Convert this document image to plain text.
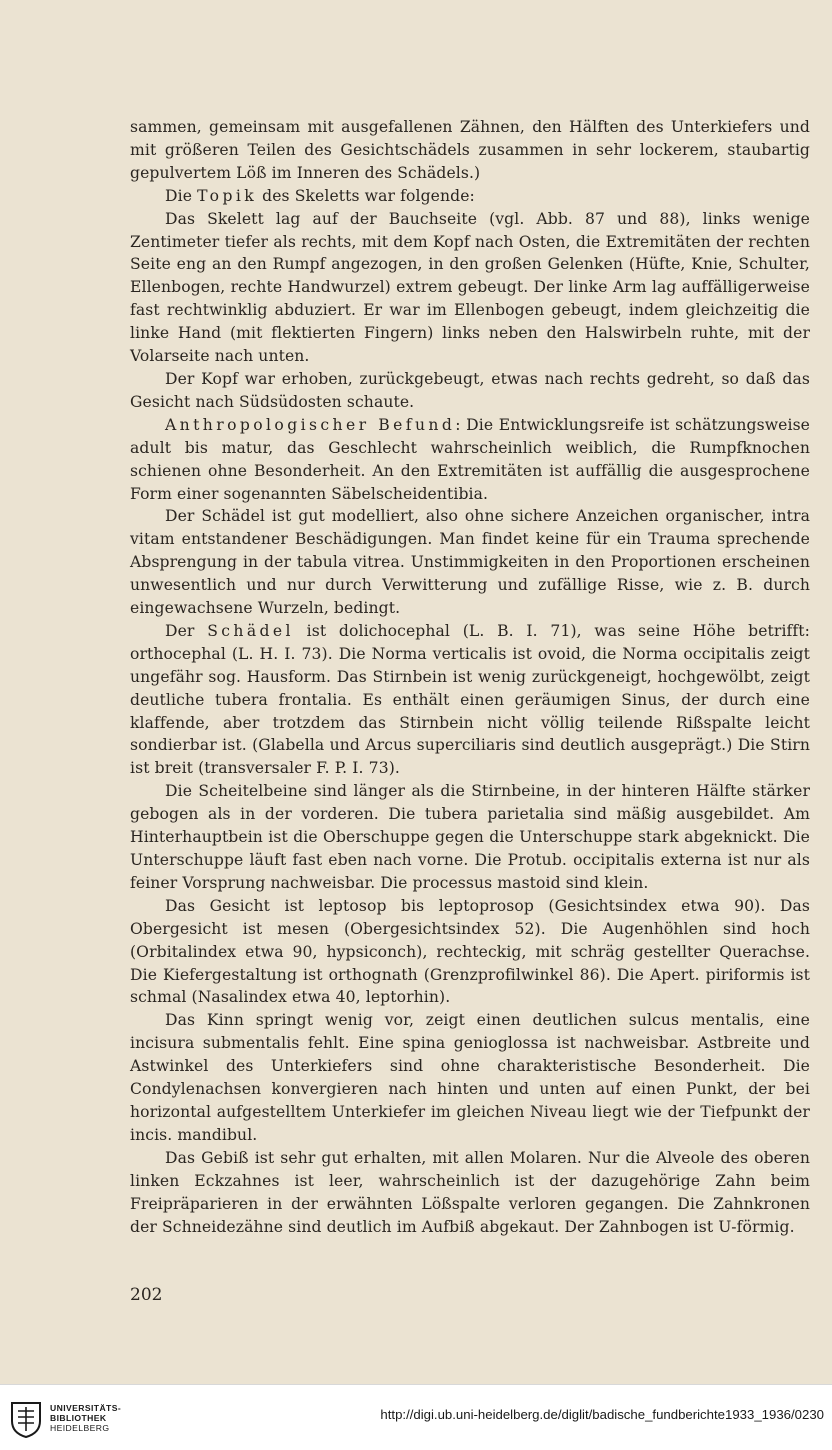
sammen, gemeinsam mit ausgefallenen Zähnen, den Hälften des Unterkiefers und mit größeren Teilen des Gesichtschädels zusammen in sehr lockerem, staubartig gepulvertem Löß im Inneren des Schädels.)

Die Topik des Skeletts war folgende:

Das Skelett lag auf der Bauchseite (vgl. Abb. 87 und 88), links wenige Zentimeter tiefer als rechts, mit dem Kopf nach Osten, die Extremitäten der rechten Seite eng an den Rumpf angezogen, in den großen Gelenken (Hüfte, Knie, Schulter, Ellenbogen, rechte Handwurzel) extrem gebeugt. Der linke Arm lag auffälligerweise fast rechtwinklig abduziert. Er war im Ellenbogen gebeugt, indem gleichzeitig die linke Hand (mit flektierten Fingern) links neben den Halswirbeln ruhte, mit der Volarseite nach unten.

Der Kopf war erhoben, zurückgebeugt, etwas nach rechts gedreht, so daß das Gesicht nach Südsüdosten schaute.

Anthropologischer Befund: Die Entwicklungsreife ist schätzungsweise adult bis matur, das Geschlecht wahrscheinlich weiblich, die Rumpfknochen schienen ohne Besonderheit. An den Extremitäten ist auffällig die ausgesprochene Form einer sogenannten Säbelscheidentibia.

Der Schädel ist gut modelliert, also ohne sichere Anzeichen organischer, intra vitam entstandener Beschädigungen. Man findet keine für ein Trauma sprechende Absprengung in der tabula vitrea. Unstimmigkeiten in den Proportionen erscheinen unwesentlich und nur durch Verwitterung und zufällige Risse, wie z. B. durch eingewachsene Wurzeln, bedingt.

Der Schädel ist dolichocephal (L. B. I. 71), was seine Höhe betrifft: orthocephal (L. H. I. 73). Die Norma verticalis ist ovoid, die Norma occipitalis zeigt ungefähr sog. Hausform. Das Stirnbein ist wenig zurückgeneigt, hochgewölbt, zeigt deutliche tubera frontalia. Es enthält einen geräumigen Sinus, der durch eine klaffende, aber trotzdem das Stirnbein nicht völlig teilende Rißspalte leicht sondierbar ist. (Glabella und Arcus superciliaris sind deutlich ausgeprägt.) Die Stirn ist breit (transversaler F. P. I. 73).

Die Scheitelbeine sind länger als die Stirnbeine, in der hinteren Hälfte stärker gebogen als in der vorderen. Die tubera parietalia sind mäßig ausgebildet. Am Hinterhauptbein ist die Oberschuppe gegen die Unterschuppe stark abgeknickt. Die Unterschuppe läuft fast eben nach vorne. Die Protub. occipitalis externa ist nur als feiner Vorsprung nachweisbar. Die processus mastoid sind klein.

Das Gesicht ist leptosop bis leptoprosop (Gesichtsindex etwa 90). Das Obergesicht ist mesen (Obergesichtsindex 52). Die Augenhöhlen sind hoch (Orbitalindex etwa 90, hypsiconch), rechteckig, mit schräg gestellter Querachse. Die Kiefergestaltung ist orthognath (Grenzprofilwinkel 86). Die Apert. piriformis ist schmal (Nasalindex etwa 40, leptorhin).

Das Kinn springt wenig vor, zeigt einen deutlichen sulcus mentalis, eine incisura submentalis fehlt. Eine spina genioglossa ist nachweisbar. Astbreite und Astwinkel des Unterkiefers sind ohne charakteristische Besonderheit. Die Condylenachsen konvergieren nach hinten und unten auf einen Punkt, der bei horizontal aufgestelltem Unterkiefer im gleichen Niveau liegt wie der Tiefpunkt der incis. mandibul.

Das Gebiß ist sehr gut erhalten, mit allen Molaren. Nur die Alveole des oberen linken Eckzahnes ist leer, wahrscheinlich ist der dazugehörige Zahn beim Freipräparieren in der erwähnten Lößspalte verloren gegangen. Die Zahnkronen der Schneidezähne sind deutlich im Aufbiß abgekaut. Der Zahnbogen ist U-förmig.

202
UNIVERSITÄTS-
BIBLIOTHEK
HEIDELBERG
http://digi.ub.uni-heidelberg.de/diglit/badische_fundberichte1933_1936/0230
